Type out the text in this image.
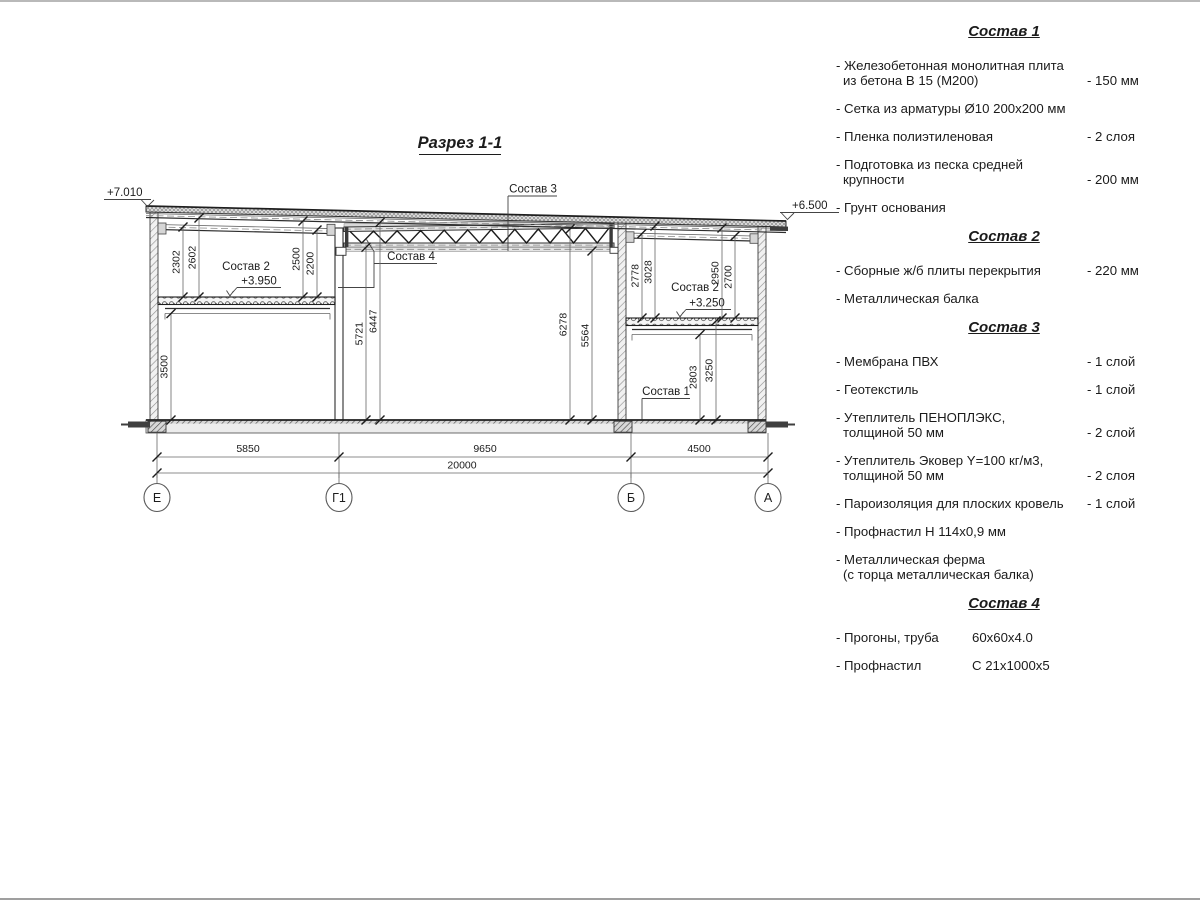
Разрез 1-1
+7.010
+6.500
Состав 2
+3.950
Состав 3
Состав 4
Состав 2
+3.250
Состав 1
2302 2602	2500 2200
3500
5721
6447	6278 5564
2778 3028	2950 2700
2803 3250
5850	9650	4500
20000
Е	Г1	Б	А
Состав 1
- Железобетонная монолитная плита
из бетона В 15 (М200)	- 150 мм
- Сетка из арматуры Ø10 200x200 мм
- Пленка полиэтиленовая	- 2 слоя
- Подготовка из песка средней
крупности	- 200 мм
- Грунт основания
Состав 2
- Сборные ж/б плиты перекрытия	- 220 мм
- Металлическая балка
Состав 3
- Мембрана ПВХ	- 1 слой
- Геотекстиль	- 1 слой
- Утеплитель ПЕНОПЛЭКС,
толщиной 50 мм	- 2 слой
- Утеплитель Эковер Y=100 кг/м3,
толщиной 50 мм	- 2 слоя
- Пароизоляция для плоских кровель	- 1 слой
- Профнастил Н 114x0,9 мм
- Металлическая ферма
(с торца металлическая балка)
Состав 4
- Прогоны, труба	60x60x4.0
- Профнастил	С 21x1000x5
